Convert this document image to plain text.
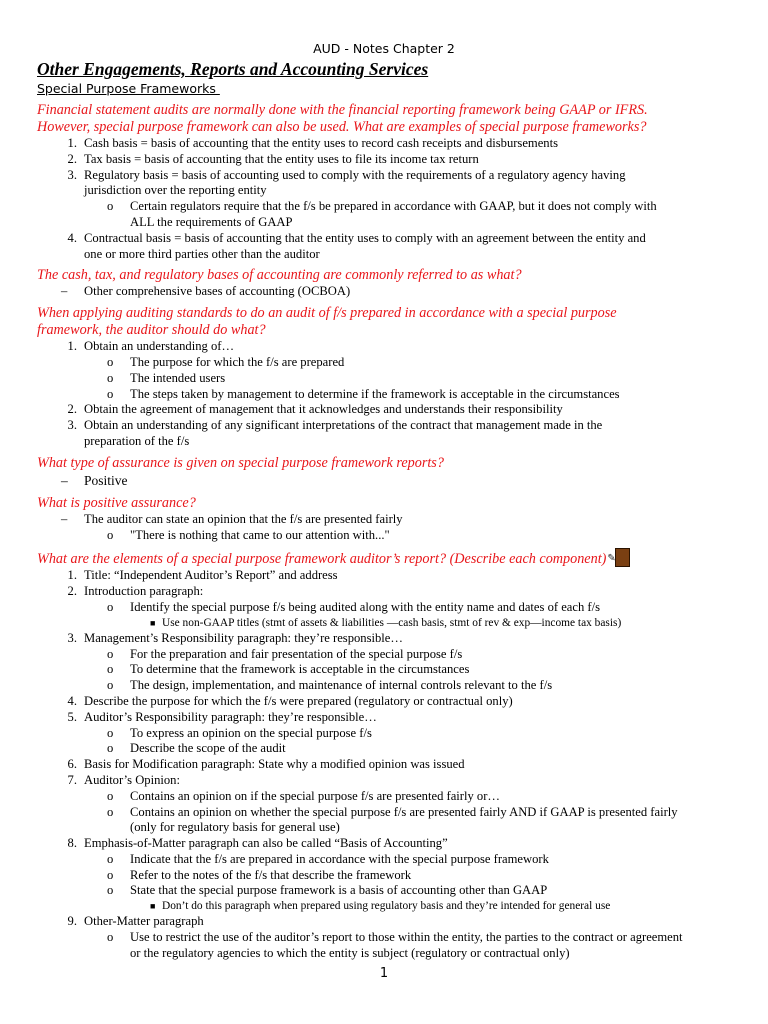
AUD - Notes Chapter 2
Other Engagements, Reports and Accounting Services
Special Purpose Frameworks
Financial statement audits are normally done with the financial reporting framework being GAAP or IFRS.
However, special purpose framework can also be used. What are examples of special purpose frameworks?
1. Cash basis = basis of accounting that the entity uses to record cash receipts and disbursements
2. Tax basis = basis of accounting that the entity uses to file its income tax return
3. Regulatory basis = basis of accounting used to comply with the requirements of a regulatory agency having
jurisdiction over the reporting entity
o Certain regulators require that the f/s be prepared in accordance with GAAP, but it does not comply with
ALL the requirements of GAAP
4. Contractual basis = basis of accounting that the entity uses to comply with an agreement between the entity and
one or more third parties other than the auditor
The cash, tax, and regulatory bases of accounting are commonly referred to as what?
– Other comprehensive bases of accounting (OCBOA)
When applying auditing standards to do an audit of f/s prepared in accordance with a special purpose
framework, the auditor should do what?
1. Obtain an understanding of…
o The purpose for which the f/s are prepared
o The intended users
o The steps taken by management to determine if the framework is acceptable in the circumstances
2. Obtain the agreement of management that it acknowledges and understands their responsibility
3. Obtain an understanding of any significant interpretations of the contract that management made in the
preparation of the f/s
What type of assurance is given on special purpose framework reports?
– Positive
What is positive assurance?
– The auditor can state an opinion that the f/s are presented fairly
o "There is nothing that came to our attention with..."
What are the elements of a special purpose framework auditor’s report? (Describe each component) ✎
1. Title: “Independent Auditor’s Report” and address
2. Introduction paragraph:
o Identify the special purpose f/s being audited along with the entity name and dates of each f/s
■ Use non-GAAP titles (stmt of assets & liabilities —cash basis, stmt of rev & exp—income tax basis)
3. Management’s Responsibility paragraph: they’re responsible…
o For the preparation and fair presentation of the special purpose f/s
o To determine that the framework is acceptable in the circumstances
o The design, implementation, and maintenance of internal controls relevant to the f/s
4. Describe the purpose for which the f/s were prepared (regulatory or contractual only)
5. Auditor’s Responsibility paragraph: they’re responsible…
o To express an opinion on the special purpose f/s
o Describe the scope of the audit
6. Basis for Modification paragraph: State why a modified opinion was issued
7. Auditor’s Opinion:
o Contains an opinion on if the special purpose f/s are presented fairly or…
o Contains an opinion on whether the special purpose f/s are presented fairly AND if GAAP is presented fairly
(only for regulatory basis for general use)
8. Emphasis-of-Matter paragraph can also be called “Basis of Accounting”
o Indicate that the f/s are prepared in accordance with the special purpose framework
o Refer to the notes of the f/s that describe the framework
o State that the special purpose framework is a basis of accounting other than GAAP
■ Don’t do this paragraph when prepared using regulatory basis and they’re intended for general use
9. Other-Matter paragraph
o Use to restrict the use of the auditor’s report to those within the entity, the parties to the contract or agreement
or the regulatory agencies to which the entity is subject (regulatory or contractual only)
1
